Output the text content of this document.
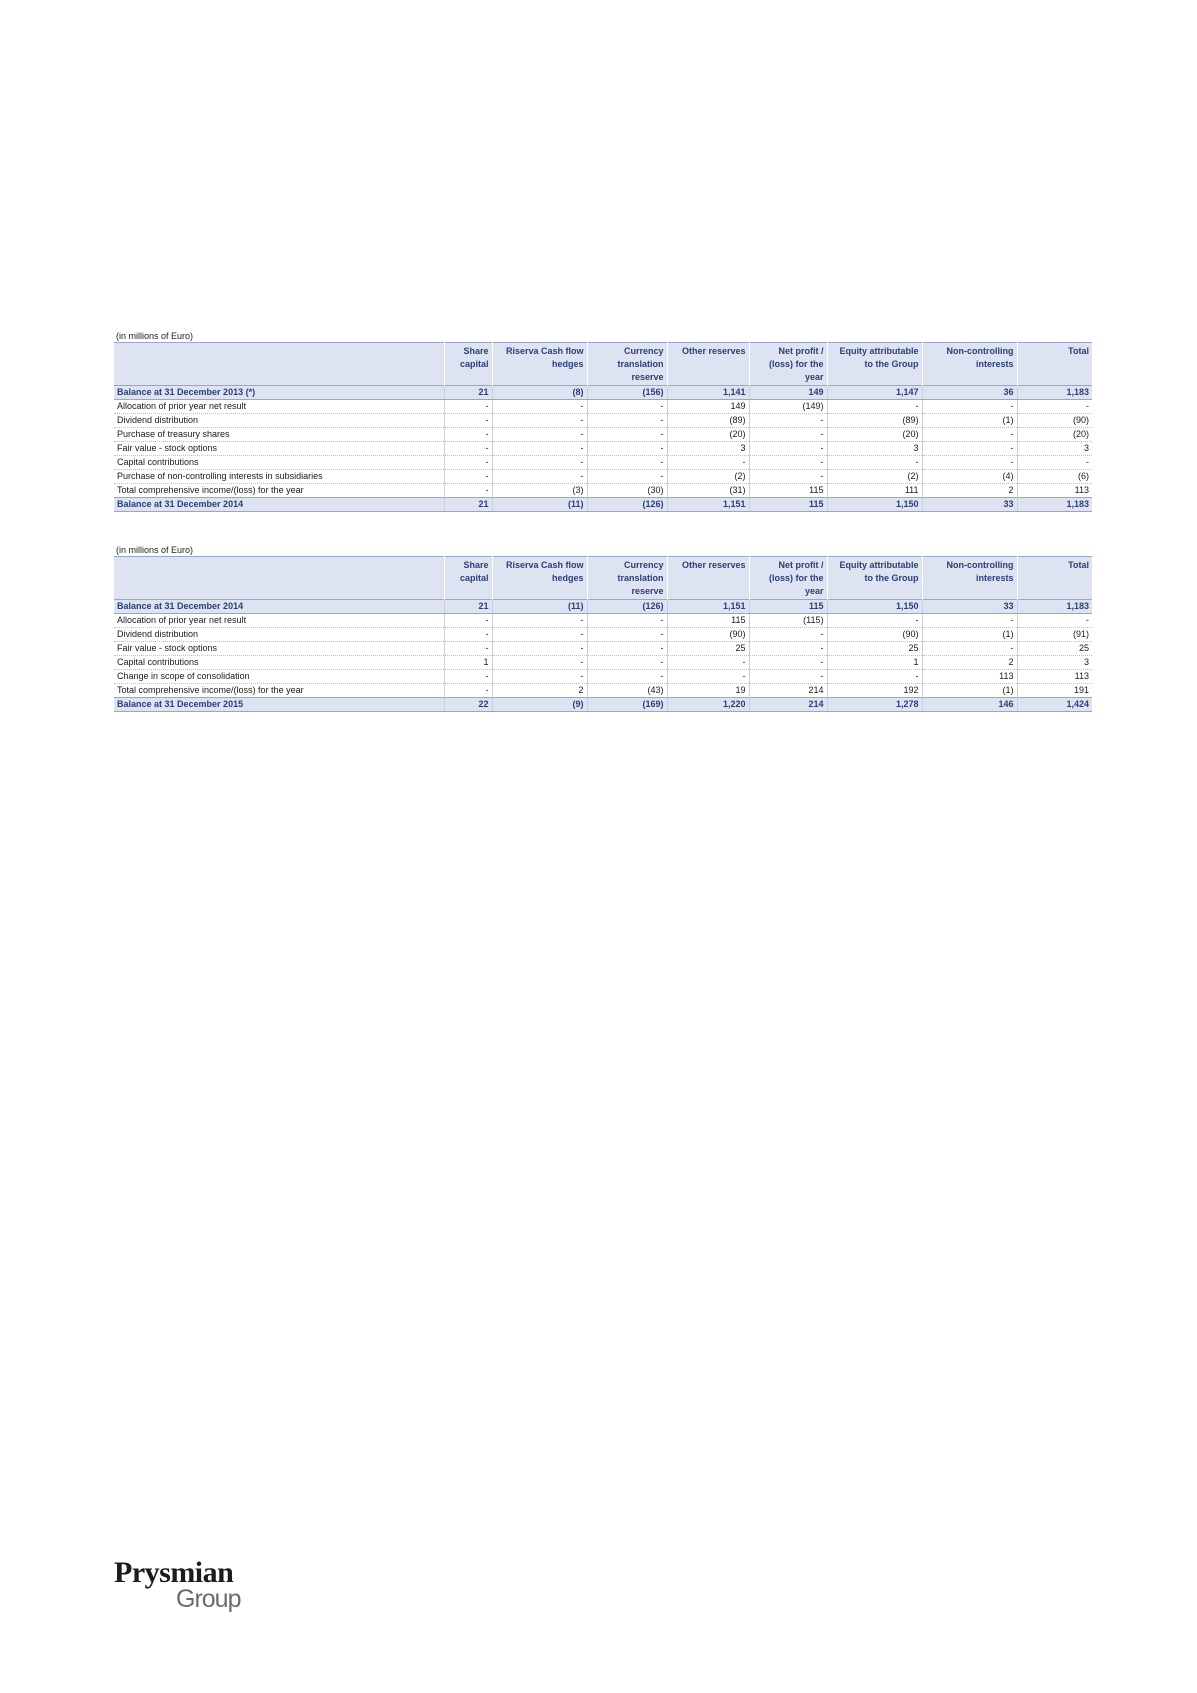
(in millions of Euro)
	Share capital	Riserva Cash flow hedges	Currency translation reserve	Other reserves	Net profit / (loss) for the year	Equity attributable to the Group	Non-controlling interests	Total
Balance at 31 December 2013 (*)	21	(8)	(156)	1,141	149	1,147	36	1,183
Allocation of prior year net result	-	-	-	149	(149)	-	-	-
Dividend distribution	-	-	-	(89)	-	(89)	(1)	(90)
Purchase of treasury shares	-	-	-	(20)	-	(20)	-	(20)
Fair value - stock options	-	-	-	3	-	3	-	3
Capital contributions	-	-	-	-	-	-	-	-
Purchase of non-controlling interests in subsidiaries	-	-	-	(2)	-	(2)	(4)	(6)
Total comprehensive income/(loss) for the year	-	(3)	(30)	(31)	115	111	2	113
Balance at 31 December 2014	21	(11)	(126)	1,151	115	1,150	33	1,183
(in millions of Euro)
	Share capital	Riserva Cash flow hedges	Currency translation reserve	Other reserves	Net profit / (loss) for the year	Equity attributable to the Group	Non-controlling interests	Total
Balance at 31 December 2014	21	(11)	(126)	1,151	115	1,150	33	1,183
Allocation of prior year net result	-	-	-	115	(115)	-	-	-
Dividend distribution	-	-	-	(90)	-	(90)	(1)	(91)
Fair value - stock options	-	-	-	25	-	25	-	25
Capital contributions	1	-	-	-	-	1	2	3
Change in scope of consolidation	-	-	-	-	-	-	113	113
Total comprehensive income/(loss) for the year	-	2	(43)	19	214	192	(1)	191
Balance at 31 December 2015	22	(9)	(169)	1,220	214	1,278	146	1,424
Prysmian
Group
